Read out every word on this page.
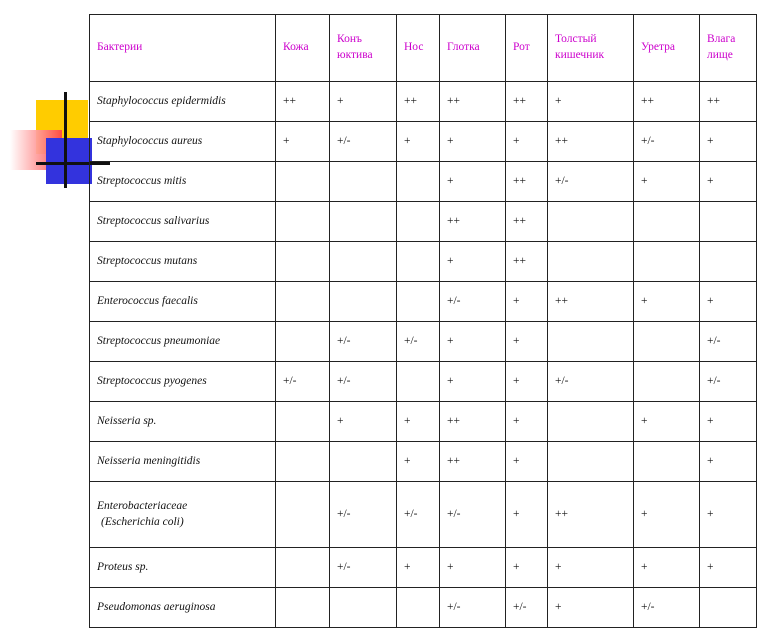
Бактерии	Кожа	Конъ юктива	Нос	Глотка	Рот	Толстый кишечник	Уретра	Влага лище
Staphylococcus epidermidis	++	+	++	++	++	+	++	++
Staphylococcus aureus	+	+/-	+	+	+	++	+/-	+
Streptococcus mitis				+	++	+/-	+	+
Streptococcus salivarius				++	++			
Streptococcus mutans				+	++			
Enterococcus faecalis				+/-	+	++	+	+
Streptococcus pneumoniae		+/-	+/-	+	+			+/-
Streptococcus pyogenes	+/-	+/-		+	+	+/-		+/-
Neisseria sp.		+	+	++	+		+	+
Neisseria meningitidis			+	++	+			+
Enterobacteriaceae
(Escherichia coli)		+/-	+/-	+/-	+	++	+	+
Proteus sp.		+/-	+	+	+	+	+	+
Pseudomonas aeruginosa				+/-	+/-	+	+/-	
